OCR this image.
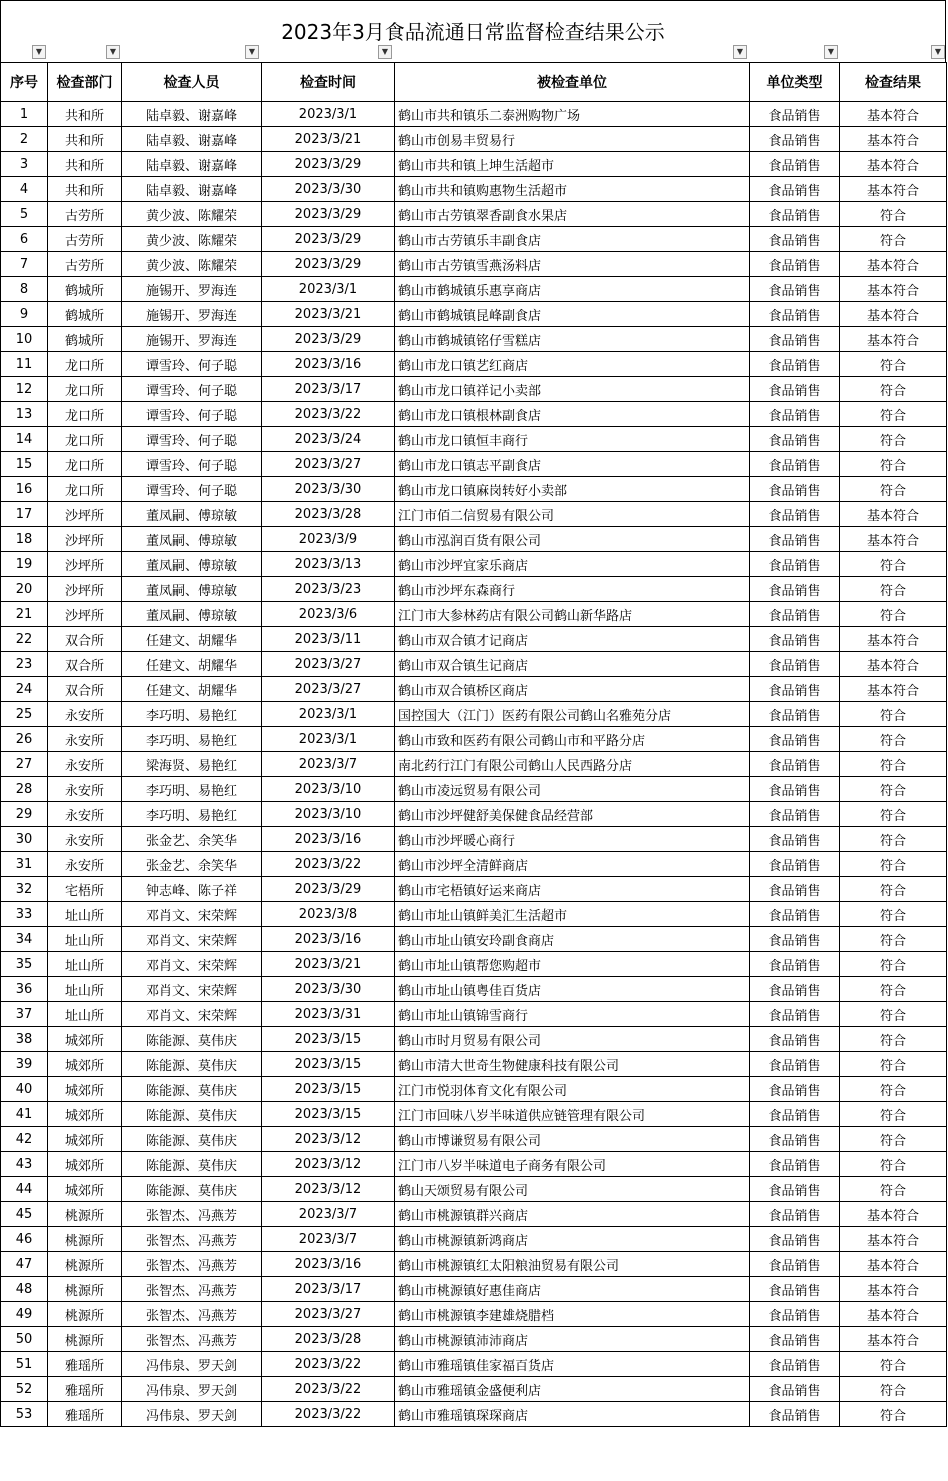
2023年3月食品流通日常监督检查结果公示
▼	▼	▼	▼	▼	▼	▼
序号	检查部门	检查人员	检查时间	被检查单位	单位类型	检查结果
1	共和所	陆卓毅、谢嘉峰	2023/3/1	鹤山市共和镇乐二泰洲购物广场	食品销售	基本符合
2	共和所	陆卓毅、谢嘉峰	2023/3/21	鹤山市创易丰贸易行	食品销售	基本符合
3	共和所	陆卓毅、谢嘉峰	2023/3/29	鹤山市共和镇上坤生活超市	食品销售	基本符合
4	共和所	陆卓毅、谢嘉峰	2023/3/30	鹤山市共和镇购惠物生活超市	食品销售	基本符合
5	古劳所	黄少波、陈耀荣	2023/3/29	鹤山市古劳镇翠香副食水果店	食品销售	符合
6	古劳所	黄少波、陈耀荣	2023/3/29	鹤山市古劳镇乐丰副食店	食品销售	符合
7	古劳所	黄少波、陈耀荣	2023/3/29	鹤山市古劳镇雪燕汤料店	食品销售	基本符合
8	鹤城所	施锡开、罗海连	2023/3/1	鹤山市鹤城镇乐惠享商店	食品销售	基本符合
9	鹤城所	施锡开、罗海连	2023/3/21	鹤山市鹤城镇昆峰副食店	食品销售	基本符合
10	鹤城所	施锡开、罗海连	2023/3/29	鹤山市鹤城镇铭仔雪糕店	食品销售	基本符合
11	龙口所	谭雪玲、何子聪	2023/3/16	鹤山市龙口镇艺红商店	食品销售	符合
12	龙口所	谭雪玲、何子聪	2023/3/17	鹤山市龙口镇祥记小卖部	食品销售	符合
13	龙口所	谭雪玲、何子聪	2023/3/22	鹤山市龙口镇根林副食店	食品销售	符合
14	龙口所	谭雪玲、何子聪	2023/3/24	鹤山市龙口镇恒丰商行	食品销售	符合
15	龙口所	谭雪玲、何子聪	2023/3/27	鹤山市龙口镇志平副食店	食品销售	符合
16	龙口所	谭雪玲、何子聪	2023/3/30	鹤山市龙口镇麻岗转好小卖部	食品销售	符合
17	沙坪所	董凤嗣、傅琼敏	2023/3/28	江门市佰二信贸易有限公司	食品销售	基本符合
18	沙坪所	董凤嗣、傅琼敏	2023/3/9	鹤山市泓润百货有限公司	食品销售	基本符合
19	沙坪所	董凤嗣、傅琼敏	2023/3/13	鹤山市沙坪宜家乐商店	食品销售	符合
20	沙坪所	董凤嗣、傅琼敏	2023/3/23	鹤山市沙坪东森商行	食品销售	符合
21	沙坪所	董凤嗣、傅琼敏	2023/3/6	江门市大参林药店有限公司鹤山新华路店	食品销售	符合
22	双合所	任建文、胡耀华	2023/3/11	鹤山市双合镇才记商店	食品销售	基本符合
23	双合所	任建文、胡耀华	2023/3/27	鹤山市双合镇生记商店	食品销售	基本符合
24	双合所	任建文、胡耀华	2023/3/27	鹤山市双合镇桥区商店	食品销售	基本符合
25	永安所	李巧明、易艳红	2023/3/1	国控国大（江门）医药有限公司鹤山名雅苑分店	食品销售	符合
26	永安所	李巧明、易艳红	2023/3/1	鹤山市致和医药有限公司鹤山市和平路分店	食品销售	符合
27	永安所	梁海贤、易艳红	2023/3/7	南北药行江门有限公司鹤山人民西路分店	食品销售	符合
28	永安所	李巧明、易艳红	2023/3/10	鹤山市凌远贸易有限公司	食品销售	符合
29	永安所	李巧明、易艳红	2023/3/10	鹤山市沙坪健舒美保健食品经营部	食品销售	符合
30	永安所	张金艺、余笑华	2023/3/16	鹤山市沙坪暖心商行	食品销售	符合
31	永安所	张金艺、余笑华	2023/3/22	鹤山市沙坪全清鲜商店	食品销售	符合
32	宅梧所	钟志峰、陈子祥	2023/3/29	鹤山市宅梧镇好运来商店	食品销售	符合
33	址山所	邓肖文、宋荣辉	2023/3/8	鹤山市址山镇鲜美汇生活超市	食品销售	符合
34	址山所	邓肖文、宋荣辉	2023/3/16	鹤山市址山镇安玲副食商店	食品销售	符合
35	址山所	邓肖文、宋荣辉	2023/3/21	鹤山市址山镇帮您购超市	食品销售	符合
36	址山所	邓肖文、宋荣辉	2023/3/30	鹤山市址山镇粤佳百货店	食品销售	符合
37	址山所	邓肖文、宋荣辉	2023/3/31	鹤山市址山镇锦雪商行	食品销售	符合
38	城郊所	陈能源、莫伟庆	2023/3/15	鹤山市时月贸易有限公司	食品销售	符合
39	城郊所	陈能源、莫伟庆	2023/3/15	鹤山市清大世奇生物健康科技有限公司	食品销售	符合
40	城郊所	陈能源、莫伟庆	2023/3/15	江门市悦羽体育文化有限公司	食品销售	符合
41	城郊所	陈能源、莫伟庆	2023/3/15	江门市回味八岁半味道供应链管理有限公司	食品销售	符合
42	城郊所	陈能源、莫伟庆	2023/3/12	鹤山市博谦贸易有限公司	食品销售	符合
43	城郊所	陈能源、莫伟庆	2023/3/12	江门市八岁半味道电子商务有限公司	食品销售	符合
44	城郊所	陈能源、莫伟庆	2023/3/12	鹤山天颂贸易有限公司	食品销售	符合
45	桃源所	张智杰、冯燕芳	2023/3/7	鹤山市桃源镇群兴商店	食品销售	基本符合
46	桃源所	张智杰、冯燕芳	2023/3/7	鹤山市桃源镇新鸿商店	食品销售	基本符合
47	桃源所	张智杰、冯燕芳	2023/3/16	鹤山市桃源镇红太阳粮油贸易有限公司	食品销售	基本符合
48	桃源所	张智杰、冯燕芳	2023/3/17	鹤山市桃源镇好惠佳商店	食品销售	基本符合
49	桃源所	张智杰、冯燕芳	2023/3/27	鹤山市桃源镇李建雄烧腊档	食品销售	基本符合
50	桃源所	张智杰、冯燕芳	2023/3/28	鹤山市桃源镇沛沛商店	食品销售	基本符合
51	雅瑶所	冯伟泉、罗天剑	2023/3/22	鹤山市雅瑶镇佳家福百货店	食品销售	符合
52	雅瑶所	冯伟泉、罗天剑	2023/3/22	鹤山市雅瑶镇金盛便利店	食品销售	符合
53	雅瑶所	冯伟泉、罗天剑	2023/3/22	鹤山市雅瑶镇琛琛商店	食品销售	符合
